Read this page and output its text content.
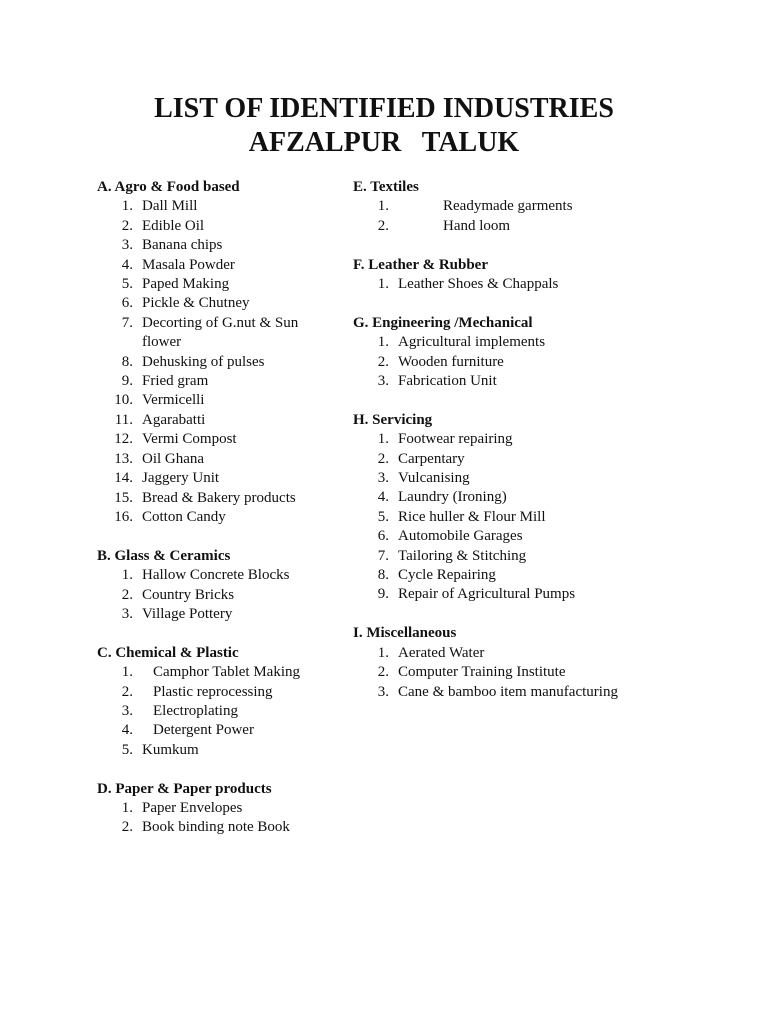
LIST OF IDENTIFIED INDUSTRIES
AFZALPUR   TALUK
A. Agro & Food based
1. Dall Mill
2. Edible Oil
3. Banana chips
4. Masala Powder
5. Paped Making
6. Pickle & Chutney
7. Decorting of G.nut & Sun flower
8. Dehusking of pulses
9. Fried gram
10. Vermicelli
11. Agarabatti
12. Vermi Compost
13. Oil Ghana
14. Jaggery Unit
15. Bread & Bakery products
16. Cotton Candy
B. Glass & Ceramics
1. Hallow Concrete Blocks
2. Country Bricks
3. Village Pottery
C. Chemical & Plastic
1.	Camphor Tablet Making
2.	Plastic reprocessing
3.	Electroplating
4.	Detergent Power
5. Kumkum
D. Paper & Paper products
1. Paper Envelopes
2. Book binding note Book
E. Textiles
1.	Readymade garments
2.	Hand loom
F. Leather & Rubber
1. Leather Shoes & Chappals
G. Engineering /Mechanical
1. Agricultural implements
2. Wooden furniture
3. Fabrication Unit
H. Servicing
1. Footwear repairing
2. Carpentary
3. Vulcanising
4. Laundry (Ironing)
5. Rice huller & Flour Mill
6. Automobile Garages
7. Tailoring & Stitching
8. Cycle Repairing
9. Repair of Agricultural Pumps
I. Miscellaneous
1. Aerated Water
2. Computer Training Institute
3. Cane & bamboo item manufacturing
